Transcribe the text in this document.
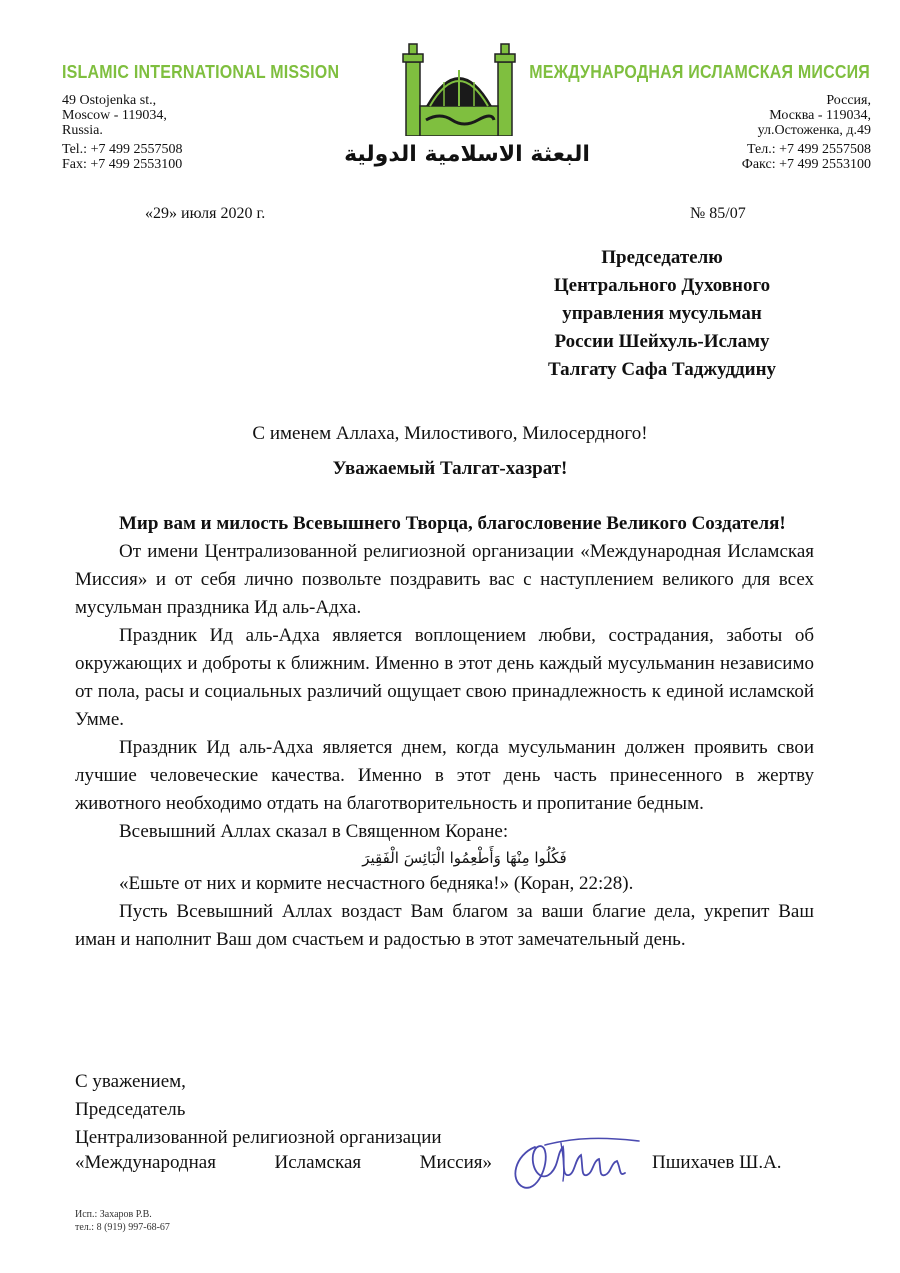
ISLAMIC INTERNATIONAL MISSION	МЕЖДУНАРОДНАЯ ИСЛАМСКАЯ МИССИЯ
49 Ostojenka st.,
Moscow - 119034,
Russia.
Tel.: +7 499 2557508
Fax: +7 499 2553100	البعثة الاسلامية الدولية
Россия,
Москва - 119034,
ул.Остоженка, д.49
Тел.: +7 499 2557508
Факс: +7 499 2553100
«29» июля 2020 г.	№ 85/07
Председателю
Центрального Духовного
управления мусульман
России Шейхуль-Исламу
Талгату Сафа Таджуддину
С именем Аллаха, Милостивого, Милосердного!
Уважаемый Талгат-хазрат!

Мир вам и милость Всевышнего Творца, благословение Великого Создателя!

От имени Централизованной религиозной организации «Международная Исламская Миссия» и от себя лично позвольте поздравить вас с наступлением великого для всех мусульман праздника Ид аль-Адха.

Праздник Ид аль-Адха является воплощением любви, сострадания, заботы об окружающих и доброты к ближним. Именно в этот день каждый мусульманин независимо от пола, расы и социальных различий ощущает свою принадлежность к единой исламской Умме.

Праздник Ид аль-Адха является днем, когда мусульманин должен проявить свои лучшие человеческие качества. Именно в этот день часть принесенного в жертву животного необходимо отдать на благотворительность и пропитание бедным.

Всевышний Аллах сказал в Священном Коране:

فَكُلُوا مِنْهَا وَأَطْعِمُوا الْبَائِسَ الْفَقِيرَ

«Ешьте от них и кормите несчастного бедняка!» (Коран, 22:28).

Пусть Всевышний Аллах воздаст Вам благом за ваши благие дела, укрепит Ваш иман и наполнит Ваш дом счастьем и радостью в этот замечательный день.

С уважением,
Председатель
Централизованной религиозной организации
«Международная	Исламская	Миссия»	Пшихачев Ш.А.
Исп.: Захаров Р.В.
тел.: 8 (919) 997-68-67
